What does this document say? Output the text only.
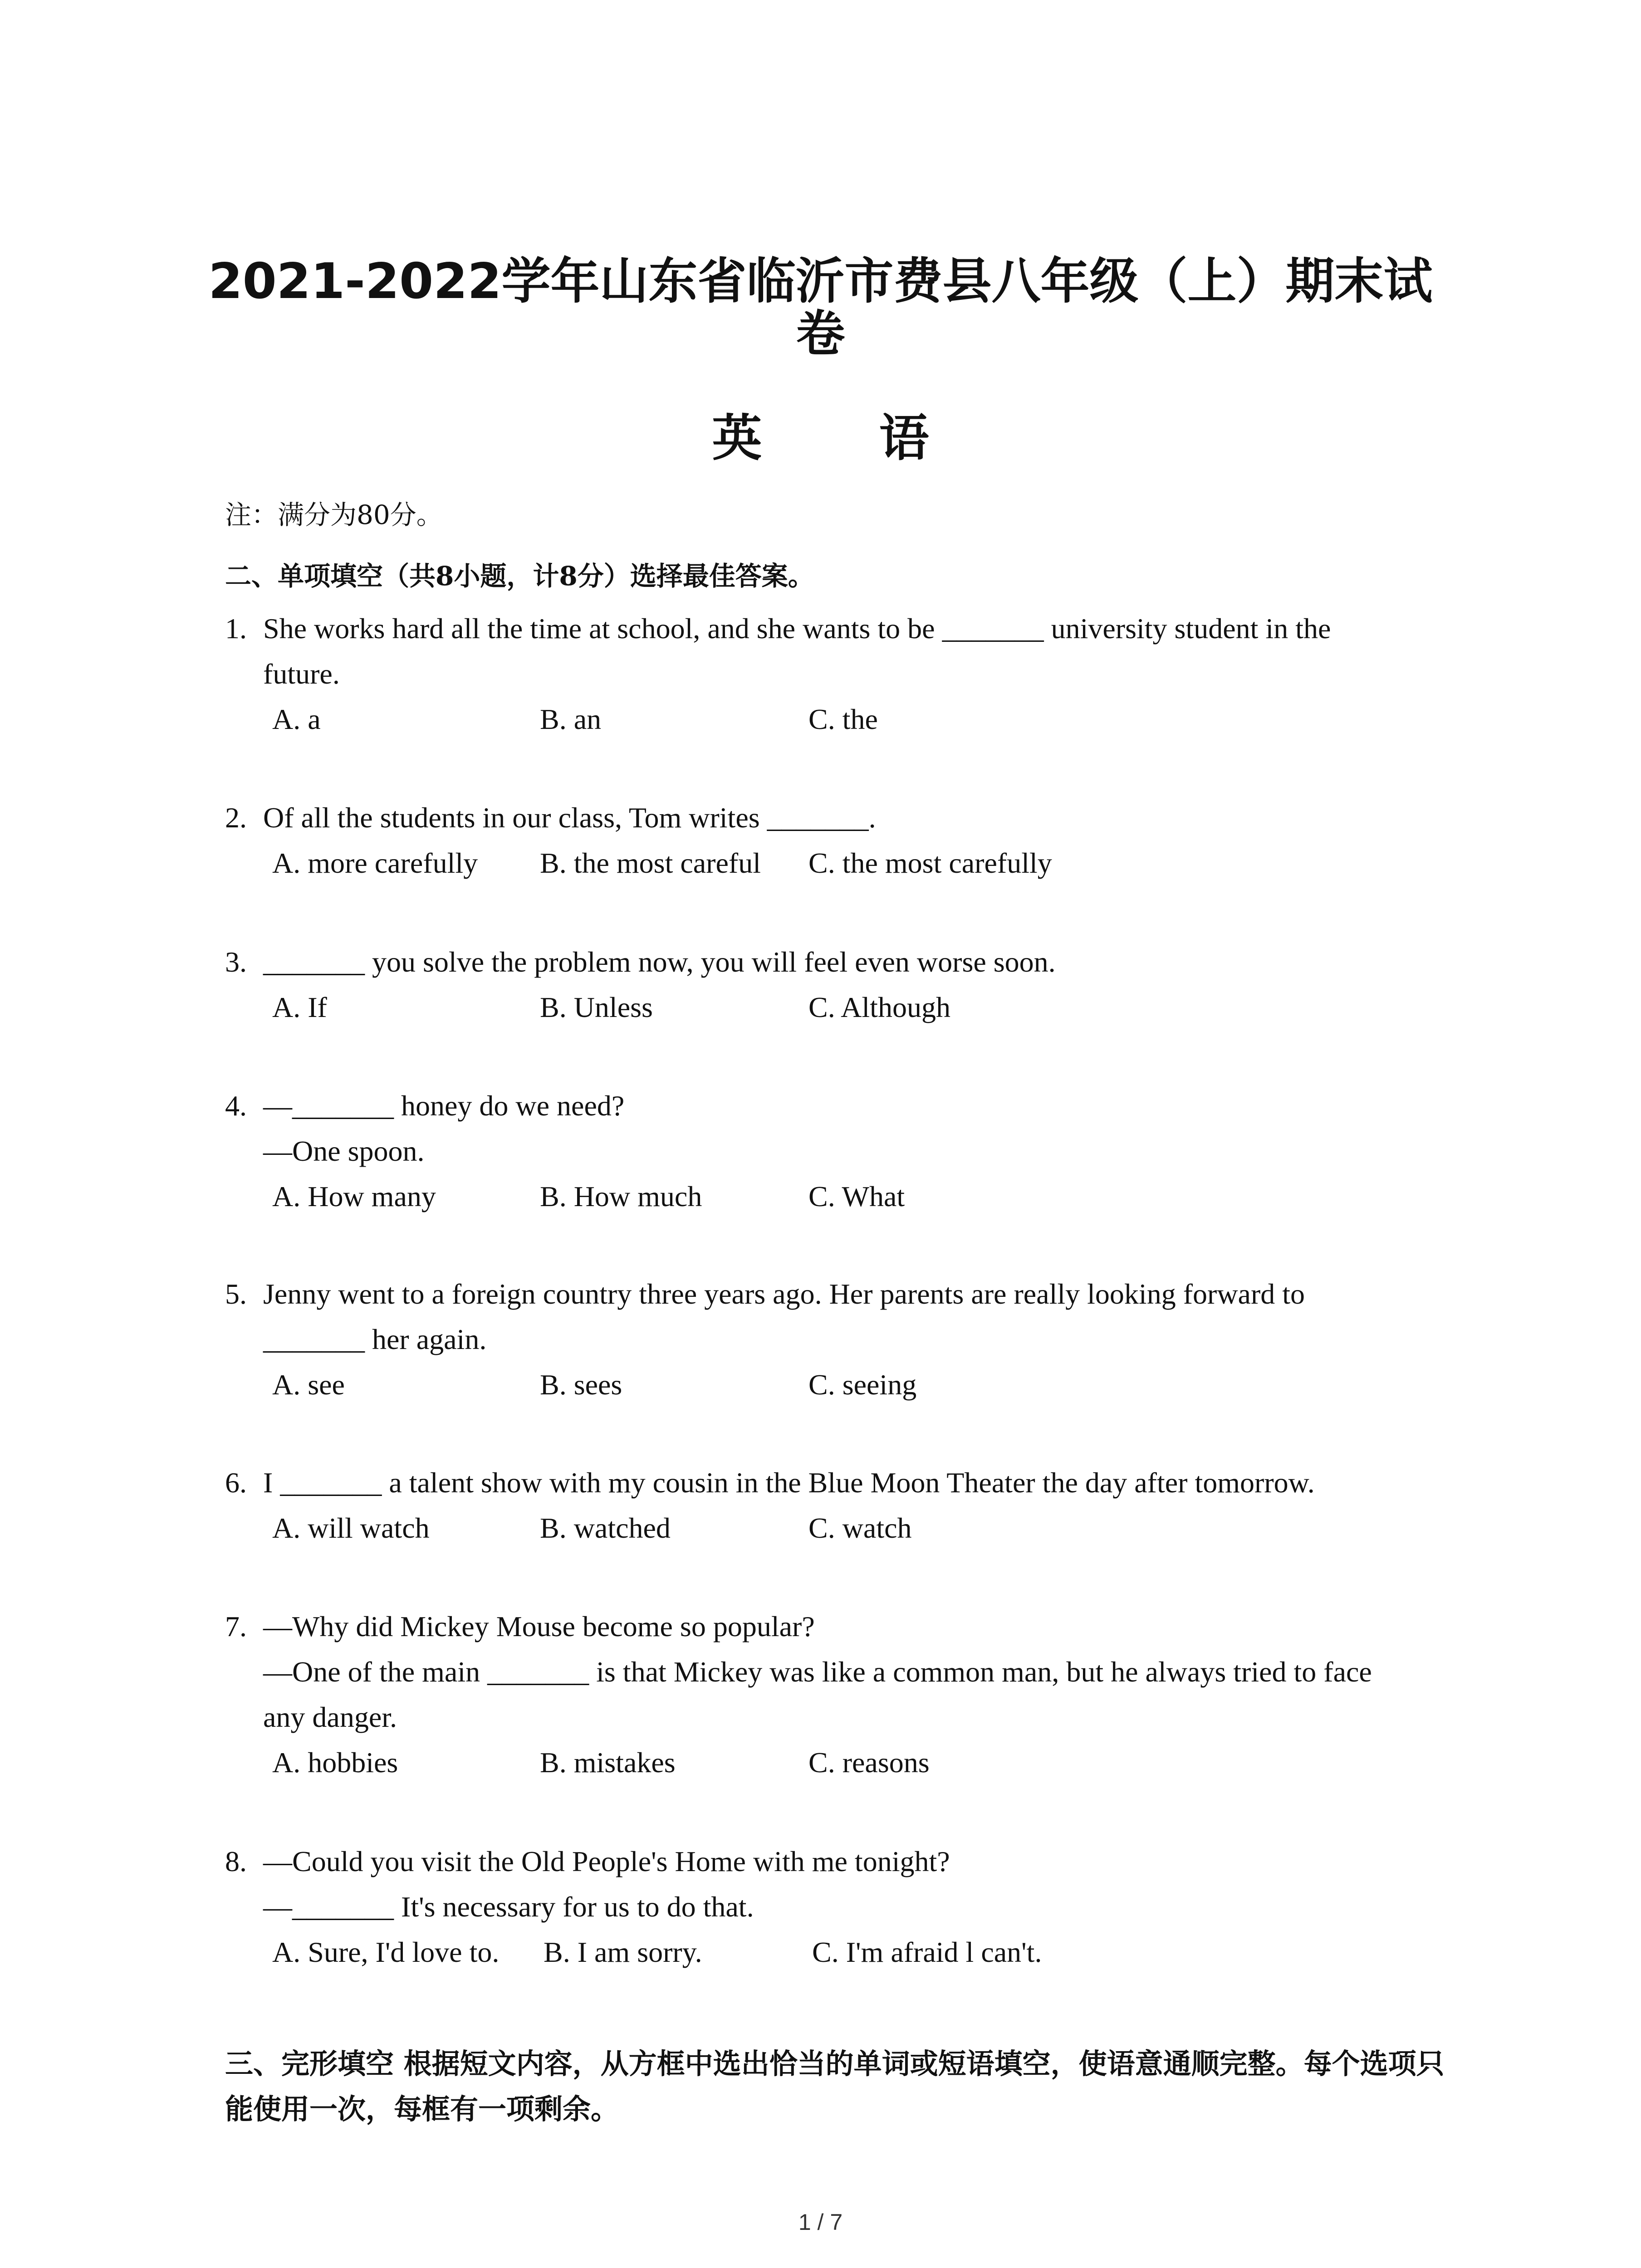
2021-2022学年山东省临沂市费县八年级（上）期末试
卷
英 语
注：满分为80分。
二、单项填空（共8小题，计8分）选择最佳答案。
1. She works hard all the time at school, and she wants to be _______ university student in the
future.
A. a	B. an	C. the
2. Of all the students in our class, Tom writes _______.
A. more carefully B. the most careful C. the most carefully
3. _______ you solve the problem now, you will feel even worse soon.
A. If	B. Unless	C. Although
4. —_______ honey do we need?
—One spoon.
A. How many	B. How much	C. What
5. Jenny went to a foreign country three years ago. Her parents are really looking forward to
_______ her again.
A. see	B. sees	C. seeing
6. I _______ a talent show with my cousin in the Blue Moon Theater the day after tomorrow.
A. will watch	B. watched	C. watch
7. —Why did Mickey Mouse become so popular?
—One of the main _______ is that Mickey was like a common man, but he always tried to face
any danger.
A. hobbies	B. mistakes	C. reasons
8. —Could you visit the Old People's Home with me tonight?
—_______ It's necessary for us to do that.
A. Sure, I'd love to. B. I am sorry.	C. I'm afraid l can't.
三、完形填空 根据短文内容，从方框中选出恰当的单词或短语填空，使语意通顺完整。每个选项只能使用一次，每框有一项剩余。
1 / 7
